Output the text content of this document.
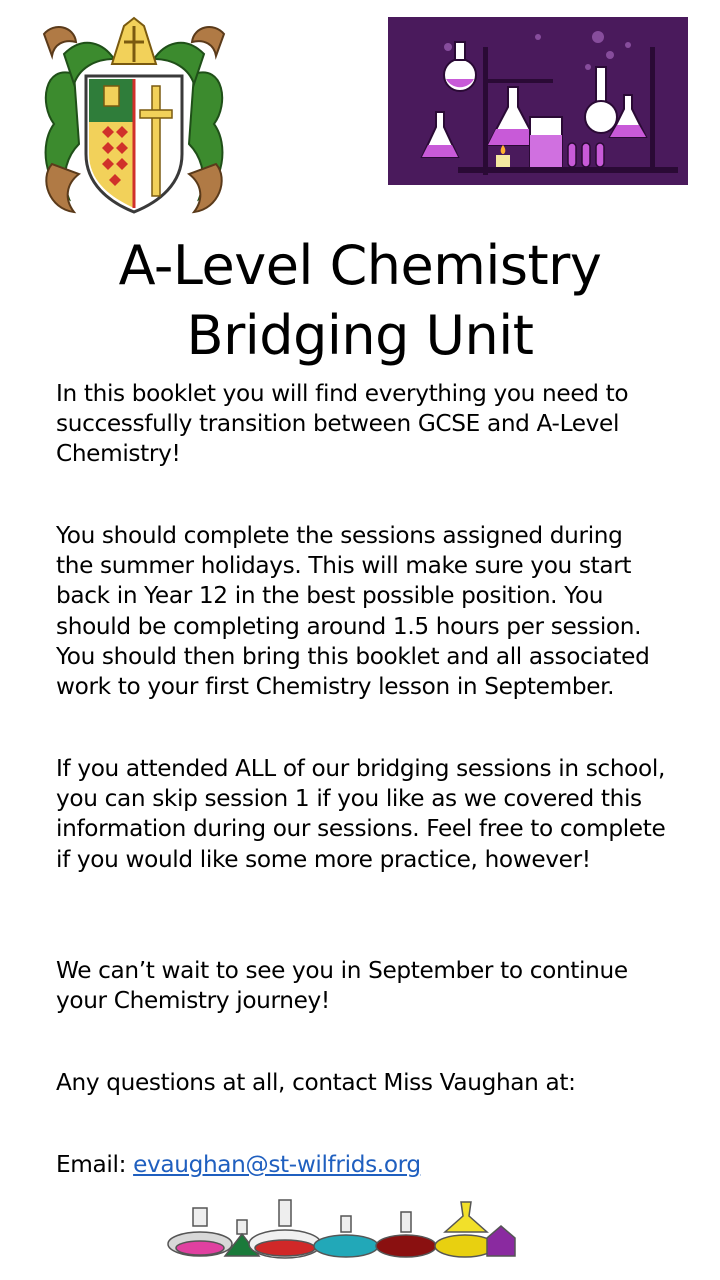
A-Level Chemistry
Bridging Unit

In this booklet you will find everything you need to successfully transition between GCSE and A-Level Chemistry!

You should complete the sessions assigned during the summer holidays. This will make sure you start back in Year 12 in the best possible position. You should be completing around 1.5 hours per session. You should then bring this booklet and all associated work to your first Chemistry lesson in September.

If you attended ALL of our bridging sessions in school, you can skip session 1 if you like as we covered this information during our sessions. Feel free to complete if you would like some more practice, however!

We can’t wait to see you in September to continue your Chemistry journey!

Any questions at all, contact Miss Vaughan at:

Email: evaughan@st-wilfrids.org
